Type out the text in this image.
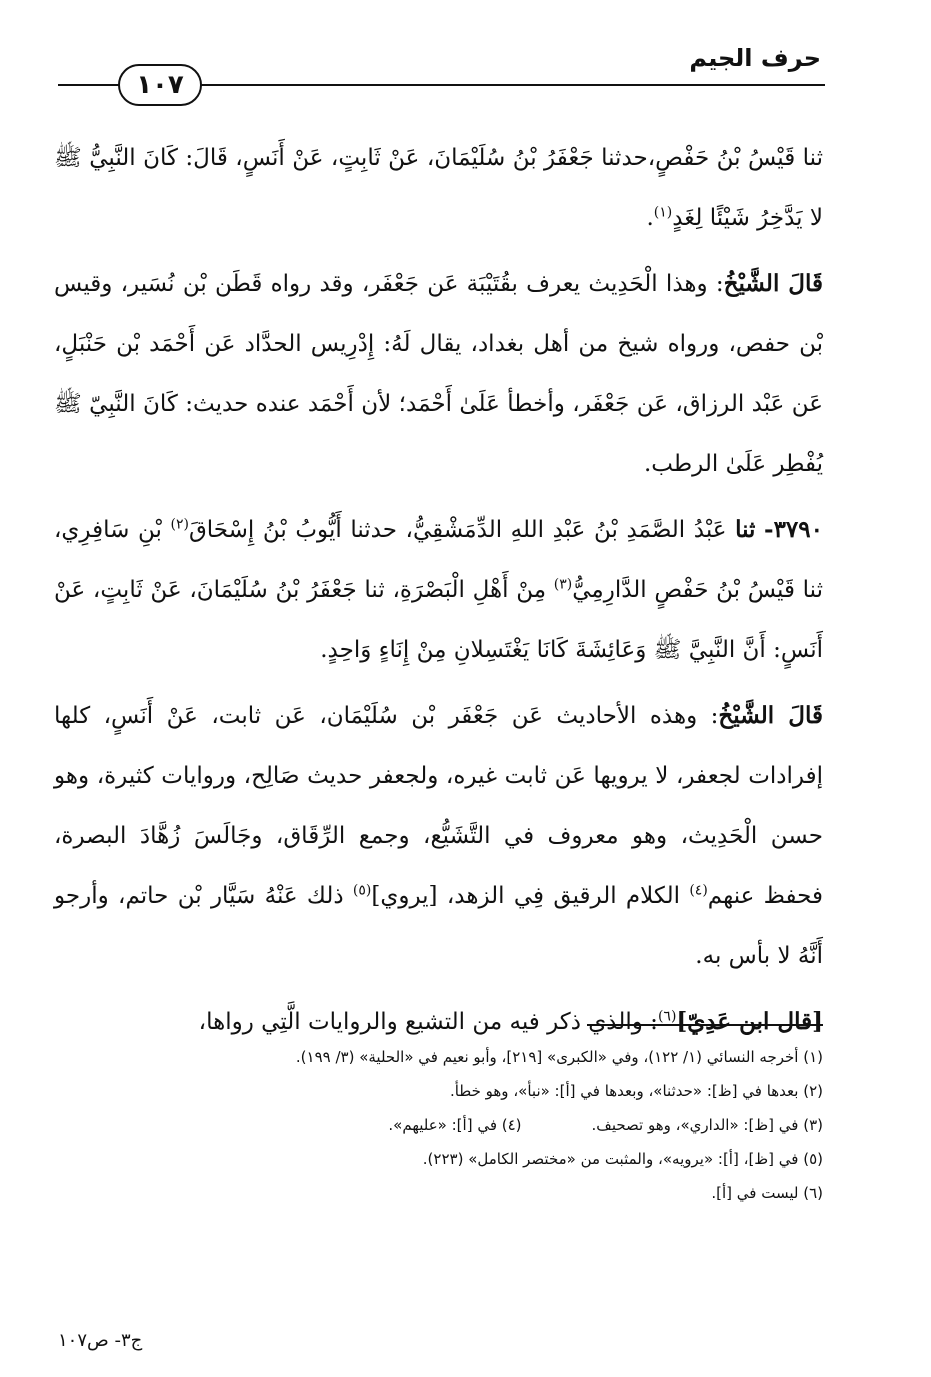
حرف الجيم
١٠٧

ثنا قَيْسُ بْنُ حَفْصٍ،حدثنا جَعْفَرُ بْنُ سُلَيْمَانَ، عَنْ ثَابِتٍ، عَنْ أَنَسٍ، قَالَ: كَانَ النَّبِيُّ ﷺ لا يَدَّخِرُ شَيْئًا لِغَدٍ$^{(١)}$.

قَالَ الشَّيْخُ: وهذا الْحَدِيث يعرف بقُتَيْبَة عَن جَعْفَر، وقد رواه قَطَن بْن نُسَير، وقيس بْن حفص، ورواه شيخ من أهل بغداد، يقال لَهُ: إِدْرِيس الحدَّاد عَن أَحْمَد بْن حَنْبَلٍ، عَن عَبْد الرزاق، عَن جَعْفَر، وأخطأ عَلَىٰ أَحْمَد؛ لأن أَحْمَد عنده حديث: كَانَ النَّبِيّ ﷺ يُفْطِر عَلَىٰ الرطب.

٣٧٩٠- ثنا عَبْدُ الصَّمَدِ بْنُ عَبْدِ اللهِ الدِّمَشْقِيُّ، حدثنا أَيُّوبُ بْنُ إِسْحَاقَ$^{(٢)}$ بْنِ سَافِرِي، ثنا قَيْسُ بْنُ حَفْصٍ الدَّارِمِيُّ$^{(٣)}$ مِنْ أَهْلِ الْبَصْرَةِ، ثنا جَعْفَرُ بْنُ سُلَيْمَانَ، عَنْ ثَابِتٍ، عَنْ أَنَسٍ: أَنَّ النَّبِيَّ ﷺ وَعَائِشَةَ كَانَا يَغْتَسِلانِ مِنْ إِنَاءٍ وَاحِدٍ.

قَالَ الشَّيْخُ: وهذه الأحاديث عَن جَعْفَر بْن سُلَيْمَان، عَن ثابت، عَنْ أَنَسٍ، كلها إفرادات لجعفر، لا يرويها عَن ثابت غيره، ولجعفر حديث صَالِح، وروايات كثيرة، وهو حسن الْحَدِيث، وهو معروف في التَّشَيُّع، وجمع الرِّقَاق، وجَالَسَ زُهَّادَ البصرة، فحفظ عنهم$^{(٤)}$ الكلام الرقيق فِي الزهد، [يروي]$^{(٥)}$ ذلك عَنْهُ سَيَّار بْن حاتم، وأرجو أَنَّهُ لا بأس به.

[قال ابن عَدِيّ]$^{(٦)}$: والذي ذكر فيه من التشيع والروايات الَّتِي رواها،

(١) أخرجه النسائي (١/ ١٢٢)، وفي «الكبرى» [٢١٩]، وأبو نعيم في «الحلية» (٣/ ١٩٩).

(٢) بعدها في [ظ]: «حدثنا»، وبعدها في [أ]: «نبأ»، وهو خطأ.

(٣) في [ظ]: «الداري»، وهو تصحيف.(٤) في [أ]: «عليهم».

(٥) في [ظ]، [أ]: «يرويه»، والمثبت من «مختصر الكامل» (٢٢٣).

(٦) ليست في [أ].

ج٣- ص١٠٧
